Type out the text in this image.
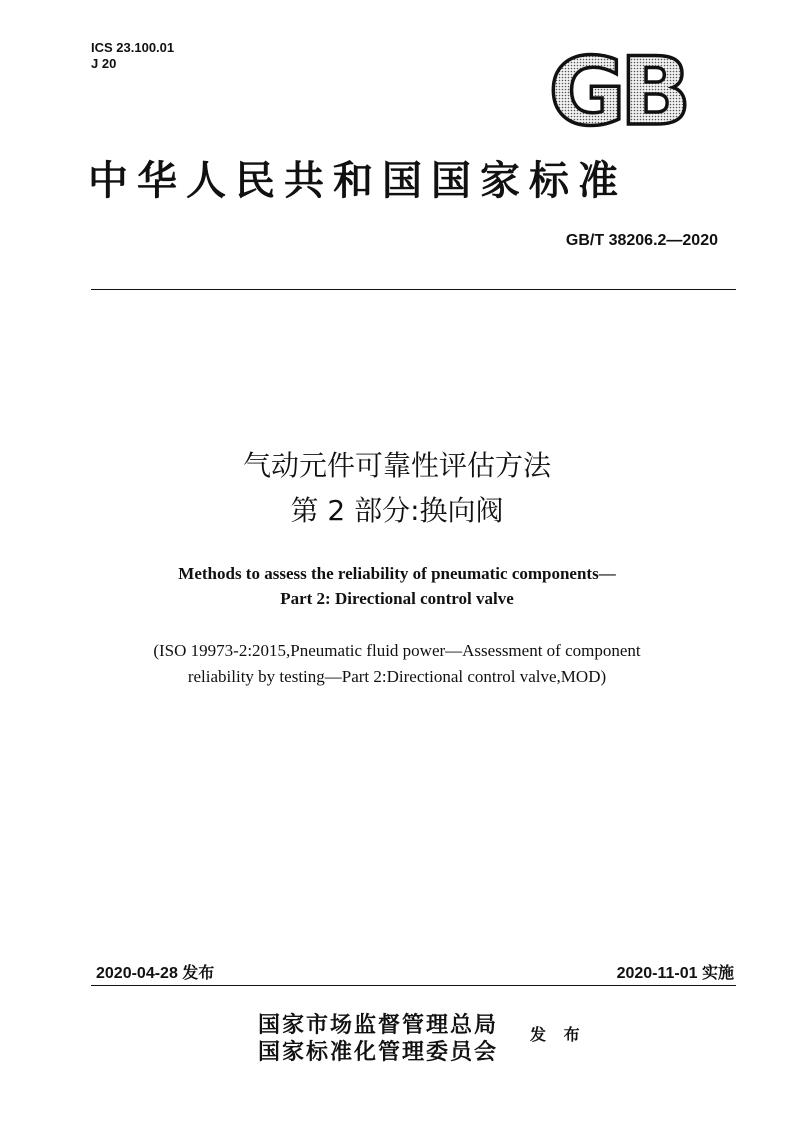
ICS 23.100.01
J 20	GB
中华人民共和国国家标准
GB/T 38206.2—2020
气动元件可靠性评估方法
第 2 部分:换向阀
Methods to assess the reliability of pneumatic components—
Part 2: Directional control valve
(ISO 19973-2:2015,Pneumatic fluid power—Assessment of component
reliability by testing—Part 2:Directional control valve,MOD)
2020-04-28 发布	2020-11-01 实施
国家市场监督管理总局
国家标准化管理委员会
发 布
